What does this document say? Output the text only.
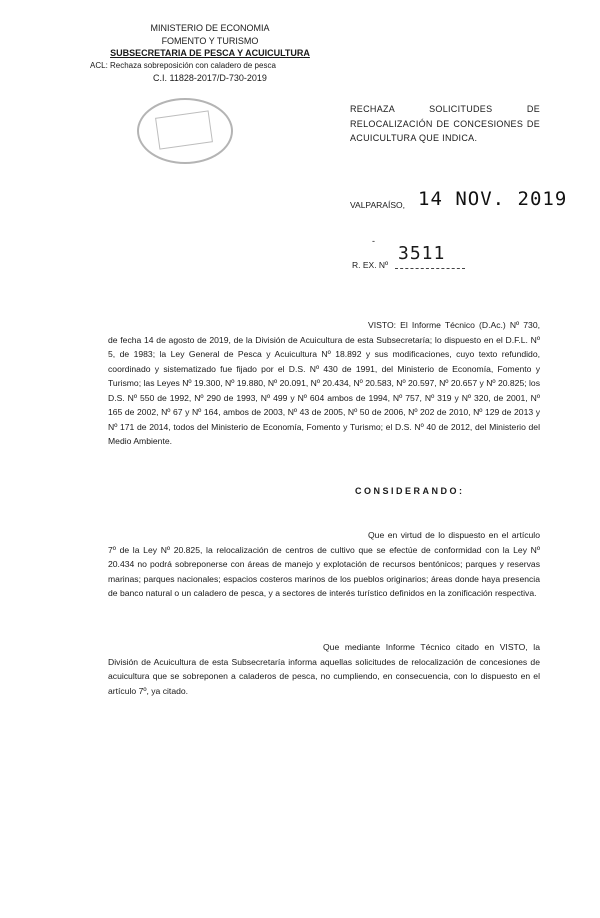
MINISTERIO DE ECONOMIA
FOMENTO Y TURISMO
SUBSECRETARIA DE PESCA Y ACUICULTURA
ACL: Rechaza sobreposición con caladero de pesca
C.I. 11828-2017/D-730-2019
RECHAZA SOLICITUDES DE RELOCALIZACIÓN DE CONCESIONES DE ACUICULTURA QUE INDICA.
VALPARAÍSO, 14 NOV. 2019
-
3511
R. EX. Nº
VISTO: El Informe Técnico (D.Ac.) Nº 730, de fecha 14 de agosto de 2019, de la División de Acuicultura de esta Subsecretaría; lo dispuesto en el D.F.L. Nº 5, de 1983; la Ley General de Pesca y Acuicultura Nº 18.892 y sus modificaciones, cuyo texto refundido, coordinado y sistematizado fue fijado por el D.S. Nº 430 de 1991, del Ministerio de Economía, Fomento y Turismo; las Leyes Nº 19.300, Nº 19.880, Nº 20.091, Nº 20.434, Nº 20.583, Nº 20.597, Nº 20.657 y Nº 20.825; los D.S. Nº 550 de 1992, Nº 290 de 1993, Nº 499 y Nº 604 ambos de 1994, Nº 757, Nº 319 y Nº 320, de 2001, Nº 165 de 2002, Nº 67 y Nº 164, ambos de 2003, Nº 43 de 2005, Nº 50 de 2006, Nº 202 de 2010, Nº 129 de 2013 y Nº 171 de 2014, todos del Ministerio de Economía, Fomento y Turismo; el D.S. Nº 40 de 2012, del Ministerio del Medio Ambiente.
CONSIDERANDO:
Que en virtud de lo dispuesto en el artículo 7º de la Ley Nº 20.825, la relocalización de centros de cultivo que se efectúe de conformidad con la Ley Nº 20.434 no podrá sobreponerse con áreas de manejo y explotación de recursos bentónicos; parques y reservas marinas; parques nacionales; espacios costeros marinos de los pueblos originarios; áreas donde haya presencia de banco natural o un caladero de pesca, y a sectores de interés turístico definidos en la zonificación respectiva.
Que mediante Informe Técnico citado en VISTO, la División de Acuicultura de esta Subsecretaría informa aquellas solicitudes de relocalización de concesiones de acuicultura que se sobreponen a caladeros de pesca, no cumpliendo, en consecuencia, con lo dispuesto en el artículo 7º, ya citado.
